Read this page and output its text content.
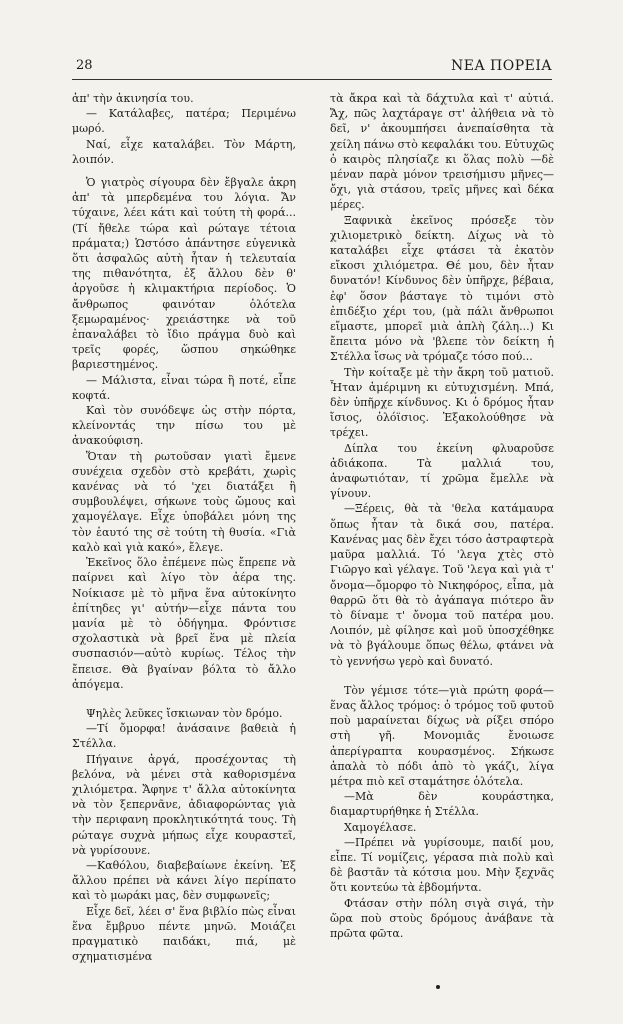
28	ΝΕΑ ΠΟΡΕΙΑ

ἀπ' τὴν ἀκινησία του.

— Κατάλαβες, πατέρα; Περιμένω μωρό.

Ναί, εἶχε καταλάβει. Τὸν Μάρτη, λοιπόν.

Ὁ γιατρὸς σίγουρα δὲν ἔβγαλε ἀκρη ἀπ' τὰ μπερδεμένα του λόγια. Ἄν τύχαινε, λέει κάτι καὶ τούτη τὴ φορά... (Τί ἤθελε τώρα καὶ ρώταγε τέτοια πράματα;) Ὡστόσο ἀπάντησε εὐγενικὰ ὅτι ἀσφαλῶς αὐτὴ ἦταν ἡ τελευταία της πιθανότητα, ἐξ ἄλλου δὲν θ' ἀργοῦσε ἡ κλιμακτήρια περίοδος. Ὁ ἄνθρωπος φαινόταν ὁλότελα ξεμωραμένος· χρειάστηκε νὰ τοῦ ἐπαναλάβει τὸ ἴδιο πράγμα δυὸ καὶ τρεῖς φορές, ὥσπου σηκώθηκε βαριεστημένος.

— Μάλιστα, εἶναι τώρα ἢ ποτέ, εἶπε κοφτά.

Καὶ τὸν συνόδεψε ὡς στὴν πόρτα, κλείνοντάς την πίσω του μὲ ἀνακούφιση.

Ὅταν τὴ ρωτοῦσαν γιατὶ ἔμενε συνέχεια σχεδὸν στὸ κρεβάτι, χωρὶς κανένας νὰ τό 'χει διατάξει ἢ συμβουλέψει, σήκωνε τοὺς ὤμους καὶ χαμογέλαγε. Εἶχε ὑποβάλει μόνη της τὸν ἑαυτό της σὲ τούτη τὴ θυσία. «Γιὰ καλὸ καὶ γιὰ κακό», ἔλεγε.

Ἐκεῖνος ὅλο ἐπέμενε πὼς ἔπρεπε νὰ παίρνει καὶ λίγο τὸν ἀέρα της. Νοίκιασε μὲ τὸ μῆνα ἕνα αὐτοκίνητο ἐπίτηδες γι' αὐτήν—εἶχε πάντα του μανία μὲ τὸ ὁδήγημα. Φρόντισε σχολαστικὰ νὰ βρεῖ ἕνα μὲ πλεία συσπασιόν—αὐτὸ κυρίως. Τέλος τὴν ἔπεισε. Θὰ βγαίναν βόλτα τὸ ἄλλο ἀπόγεμα.

Ψηλὲς λεῦκες ἴσκιωναν τὸν δρόμο.

—Τί ὄμορφα! ἀνάσαινε βαθειὰ ἡ Στέλλα.

Πήγαινε ἀργά, προσέχοντας τὴ βελόνα, νὰ μένει στὰ καθορισμένα χιλιόμετρα. Ἄφηνε τ' ἄλλα αὐτοκίνητα νὰ τὸν ξεπερνᾶνε, ἀδιαφορώντας γιὰ τὴν περιφανη προκλητικότητά τους. Τὴ ρώταγε συχνὰ μήπως εἶχε κουραστεῖ, νὰ γυρίσουνε.

—Καθόλου, διαβεβαίωνε ἐκείνη. Ἐξ ἄλλου πρέπει νὰ κάνει λίγο περίπατο καὶ τὸ μωράκι μας, δὲν συμφωνεῖς;

Εἶχε δεῖ, λέει σ' ἕνα βιβλίο πὼς εἶναι ἕνα ἔμβρυο πέντε μηνῶ. Μοιάζει πραγματικὸ παιδάκι, πιά, μὲ σχηματισμένα

τὰ ἄκρα καὶ τὰ δάχτυλα καὶ τ' αὐτιά. Ἄχ, πῶς λαχτάραγε στ' ἀλήθεια νὰ τὸ δεῖ, ν' ἀκουμπήσει ἀνεπαίσθητα τὰ χείλη πάνω στὸ κεφαλάκι του. Εὐτυχῶς ὁ καιρὸς πλησίαζε κι ὅλας πολὺ —δὲ μέναν παρὰ μόνον τρεισήμισυ μῆνες—ὄχι, γιὰ στάσου, τρεῖς μῆνες καὶ δέκα μέρες.

Ξαφνικὰ ἐκεῖνος πρόσεξε τὸν χιλιομετρικὸ δείκτη. Δίχως νὰ τὸ καταλάβει εἶχε φτάσει τὰ ἑκατὸν εἴκοσι χιλιόμετρα. Θέ μου, δὲν ἦταν δυνατόν! Κίνδυνος δὲν ὑπῆρχε, βέβαια, ἐφ' ὅσον βάσταγε τὸ τιμόνι στὸ ἐπιδέξιο χέρι του, (μὰ πάλι ἄνθρωποι εἴμαστε, μπορεῖ μιὰ ἀπλὴ ζάλη...) Κι ἔπειτα μόνο νὰ 'βλεπε τὸν δείκτη ἡ Στέλλα ἴσως νὰ τρόμαζε τόσο πού...

Τὴν κοίταξε μὲ τὴν ἄκρη τοῦ ματιοῦ. Ἦταν ἀμέριμνη κι εὐτυχισμένη. Μπά, δὲν ὑπῆρχε κίνδυνος. Κι ὁ δρόμος ἦταν ἴσιος, ὁλόϊσιος. Ἐξακολούθησε νὰ τρέχει.

Δίπλα του ἐκείνη φλυαροῦσε ἀδιάκοπα. Τὰ μαλλιά του, ἀναφωτιόταν, τί χρῶμα ἔμελλε νὰ γίνουν.

—Ξέρεις, θὰ τὰ 'θελα κατάμαυρα ὅπως ἦταν τὰ δικά σου, πατέρα. Κανένας μας δὲν ἔχει τόσο ἀστραφτερὰ μαῦρα μαλλιά. Τό 'λεγα χτὲς στὸ Γιῶργο καὶ γέλαγε. Τοῦ 'λεγα καὶ γιὰ τ' ὄνομα—ὄμορφο τὸ Νικηφόρος, εἶπα, μὰ θαρρῶ ὅτι θὰ τὸ ἀγάπαγα πιότερο ἂν τὸ δίναμε τ' ὄνομα τοῦ πατέρα μου. Λοιπόν, μὲ φίλησε καὶ μοῦ ὑποσχέθηκε νὰ τὸ βγάλουμε ὅπως θέλω, φτάνει νὰ τὸ γεννήσω γερὸ καὶ δυνατό.

Τὸν γέμισε τότε—γιὰ πρώτη φορά— ἕνας ἄλλος τρόμος: ὁ τρόμος τοῦ φυτοῦ ποὺ μαραίνεται δίχως νὰ ρίξει σπόρο στὴ γῆ. Μονομιᾶς ἔνοιωσε ἀπερίγραπτα κουρασμένος. Σήκωσε ἀπαλὰ τὸ πόδι ἀπὸ τὸ γκάζι, λίγα μέτρα πιὸ κεῖ σταμάτησε ὁλότελα.

—Μὰ δὲν κουράστηκα, διαμαρτυρήθηκε ἡ Στέλλα.

Χαμογέλασε.

—Πρέπει νὰ γυρίσουμε, παιδί μου, εἶπε. Τί νομίζεις, γέρασα πιὰ πολὺ καὶ δὲ βαστᾶν τὰ κότσια μου. Μὴν ξεχνᾶς ὅτι κοντεύω τὰ ἑβδομήντα.

Φτάσαν στὴν πόλη σιγὰ σιγά, τὴν ὥρα ποὺ στοὺς δρόμους ἀνάβανε τὰ πρῶτα φῶτα.
